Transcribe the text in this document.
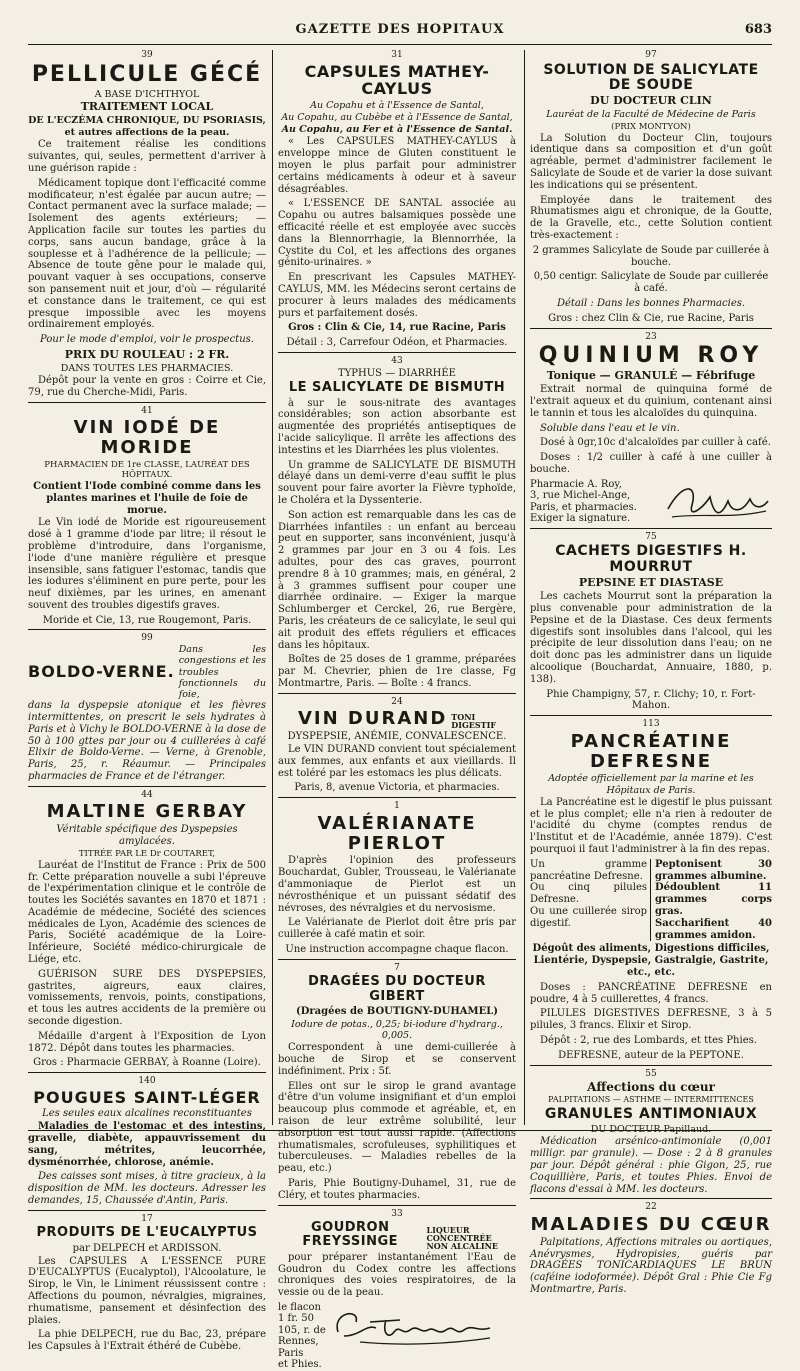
GAZETTE DES HOPITAUX	683

39

PELLICULE GÉCÉ
A BASE D'ICHTHYOL
TRAITEMENT LOCAL
DE L'ECZÉMA CHRONIQUE, DU PSORIASIS,
et autres affections de la peau.

Ce traitement réalise les conditions suivantes, qui, seules, permettent d'arriver à une guérison rapide :

Médicament topique dont l'efficacité comme modificateur, n'est égalée par aucun autre; — Contact permanent avec la surface malade; — Isolement des agents extérieurs; — Application facile sur toutes les parties du corps, sans aucun bandage, grâce à la souplesse et à l'adhérence de la pellicule; — Absence de toute gêne pour le malade qui, pouvant vaquer à ses occupations, conserve son pansement nuit et jour, d'où — régularité et constance dans le traitement, ce qui est presque impossible avec les moyens ordinairement employés.

Pour le mode d'emploi, voir le prospectus.

PRIX DU ROULEAU : 2 FR.
DANS TOUTES LES PHARMACIES.

Dépôt pour la vente en gros : Coirre et Cie, 79, rue du Cherche-Midi, Paris.

41

VIN IODÉ DE MORIDE
PHARMACIEN DE 1re CLASSE, LAURÉAT DES HÔPITAUX.
Contient l'Iode combiné comme dans les plantes marines et l'huile de foie de morue.

Le Vin iodé de Moride est rigoureusement dosé à 1 gramme d'iode par litre; il résout le problème d'introduire, dans l'organisme, l'iode d'une manière régulière et presque insensible, sans fatiguer l'estomac, tandis que les iodures s'éliminent en pure perte, pour les neuf dixièmes, par les urines, en amenant souvent des troubles digestifs graves.

Moride et Cie, 13, rue Rougemont, Paris.

99

BOLDO-VERNE.
Dans les congestions et les troubles fonctionnels du foie,

dans la dyspepsie atonique et les fièvres intermittentes, on prescrit le sels hydrates à Paris et à Vichy le BOLDO-VERNE à la dose de 50 à 100 gttes par jour ou 4 cuillerées à café Elixir de Boldo-Verne. — Verne, à Grenoble, Paris, 25, r. Réaumur. — Principales pharmacies de France et de l'étranger.

44

MALTINE GERBAY
Véritable spécifique des Dyspepsies amylacées.
TITRÉE PAR LE Dr COUTARET,

Lauréat de l'Institut de France : Prix de 500 fr. Cette préparation nouvelle a subi l'épreuve de l'expérimentation clinique et le contrôle de toutes les Sociétés savantes en 1870 et 1871 : Académie de médecine, Société des sciences médicales de Lyon, Académie des sciences de Paris, Société académique de la Loire-Inférieure, Société médico-chirurgicale de Liége, etc.

GUÉRISON SURE DES DYSPEPSIES, gastrites, aigreurs, eaux claires, vomissements, renvois, points, constipations, et tous les autres accidents de la première ou seconde digestion.

Médaille d'argent à l'Exposition de Lyon 1872. Dépôt dans toutes les pharmacies.

Gros : Pharmacie GERBAY, à Roanne (Loire).

140

POUGUES SAINT-LÉGER
Les seules eaux alcalines reconstituantes

Maladies de l'estomac et des intestins, gravelle, diabète, appauvrissement du sang, métrites, leucorrhée, dysménorrhée, chlorose, anémie.

Des caisses sont mises, à titre gracieux, à la disposition de MM. les docteurs. Adresser les demandes, 15, Chaussée d'Antin, Paris.

17

PRODUITS DE L'EUCALYPTUS
par DELPECH et ARDISSON.

Les CAPSULES A L'ESSENCE PURE D'EUCALYPTUS (Eucalyptol), l'Alcoolature, le Sirop, le Vin, le Liniment réussissent contre : Affections du poumon, névralgies, migraines, rhumatisme, pansement et désinfection des plaies.

La phie DELPECH, rue du Bac, 23, prépare les Capsules à l'Extrait éthéré de Cubèbe.

31

CAPSULES MATHEY-CAYLUS
Au Copahu et à l'Essence de Santal,
Au Copahu, au Cubèbe et à l'Essence de Santal,
Au Copahu, au Fer et à l'Essence de Santal.

« Les CAPSULES MATHEY-CAYLUS à enveloppe mince de Gluten constituent le moyen le plus parfait pour administrer certains médicaments à odeur et à saveur désagréables.

« L'ESSENCE DE SANTAL associée au Copahu ou autres balsamiques possède une efficacité réelle et est employée avec succès dans la Blennorrhagie, la Blennorrhée, la Cystite du Col, et les affections des organes génito-urinaires. »

En prescrivant les Capsules MATHEY-CAYLUS, MM. les Médecins seront certains de procurer à leurs malades des médicaments purs et parfaitement dosés.

Gros : Clin & Cie, 14, rue Racine, Paris

Détail : 3, Carrefour Odéon, et Pharmacies.

43

TYPHUS — DIARRHÉE
LE SALICYLATE DE BISMUTH

à sur le sous-nitrate des avantages considérables; son action absorbante est augmentée des propriétés antiseptiques de l'acide salicylique. Il arrête les affections des intestins et les Diarrhées les plus violentes.

Un gramme de SALICYLATE DE BISMUTH délayé dans un demi-verre d'eau suffit le plus souvent pour faire avorter la Fièvre typhoïde, le Choléra et la Dyssenterie.

Son action est remarquable dans les cas de Diarrhées infantiles : un enfant au berceau peut en supporter, sans inconvénient, jusqu'à 2 grammes par jour en 3 ou 4 fois. Les adultes, pour des cas graves, pourront prendre 8 à 10 grammes; mais, en général, 2 à 3 grammes suffisent pour couper une diarrhée ordinaire. — Exiger la marque Schlumberger et Cerckel, 26, rue Bergère, Paris, les créateurs de ce salicylate, le seul qui ait produit des effets réguliers et efficaces dans les hôpitaux.

Boîtes de 25 doses de 1 gramme, préparées par M. Chevrier, phien de 1re classe, Fg Montmartre, Paris. — Boîte : 4 francs.

24

VIN DURAND TONI
DIGESTIF
DYSPEPSIE, ANÉMIE, CONVALESCENCE.

Le VIN DURAND convient tout spécialement aux femmes, aux enfants et aux vieillards. Il est toléré par les estomacs les plus délicats.

Paris, 8, avenue Victoria, et pharmacies.

1

VALÉRIANATE PIERLOT

D'après l'opinion des professeurs Bouchardat, Gubler, Trousseau, le Valérianate d'ammoniaque de Pierlot est un névrosthénique et un puissant sédatif des névroses, des névralgies et du nervosisme.

Le Valérianate de Pierlot doit être pris par cuillerée à café matin et soir.

Une instruction accompagne chaque flacon.

7

DRAGÉES DU DOCTEUR GIBERT
(Dragées de BOUTIGNY-DUHAMEL)
Iodure de potas., 0,25; bi-iodure d'hydrarg., 0,005.

Correspondent à une demi-cuillerée à bouche de Sirop et se conservent indéfiniment. Prix : 5f.

Elles ont sur le sirop le grand avantage d'être d'un volume insignifiant et d'un emploi beaucoup plus commode et agréable, et, en raison de leur extrême solubilité, leur absorption est tout aussi rapide. (Affections rhumatismales, scrofuleuses, syphilitiques et tuberculeuses. — Maladies rebelles de la peau, etc.)

Paris, Phie Boutigny-Duhamel, 31, rue de Cléry, et toutes pharmacies.

33

GOUDRON FREYSSINGE
LIQUEUR CONCENTRÉE
NON ALCALINE

pour préparer instantanément l'Eau de Goudron du Codex contre les affections chroniques des voies respiratoires, de la vessie ou de la peau.

le flacon
1 fr. 50
105, r. de
Rennes,
Paris
et Phies.

97

SOLUTION DE SALICYLATE DE SOUDE
DU DOCTEUR CLIN
Lauréat de la Faculté de Médecine de Paris
(PRIX MONTYON)

La Solution du Docteur Clin, toujours identique dans sa composition et d'un goût agréable, permet d'administrer facilement le Salicylate de Soude et de varier la dose suivant les indications qui se présentent.

Employée dans le traitement des Rhumatismes aigu et chronique, de la Goutte, de la Gravelle, etc., cette Solution contient très-exactement :

2 grammes Salicylate de Soude par cuillerée à bouche.

0,50 centigr. Salicylate de Soude par cuillerée à café.

Détail : Dans les bonnes Pharmacies.

Gros : chez Clin & Cie, rue Racine, Paris

23

QUINIUM ROY
Tonique — GRANULÉ — Fébrifuge

Extrait normal de quinquina formé de l'extrait aqueux et du quinium, contenant ainsi le tannin et tous les alcaloïdes du quinquina.

Soluble dans l'eau et le vin.

Dosé à 0gr,10c d'alcaloïdes par cuiller à café.

Doses : 1/2 cuiller à café à une cuiller à bouche.

Pharmacie A. Roy,
3, rue Michel-Ange,
Paris, et pharmacies.
Exiger la signature.

75

CACHETS DIGESTIFS H. MOURRUT
PEPSINE ET DIASTASE

Les cachets Mourrut sont la préparation la plus convenable pour administration de la Pepsine et de la Diastase. Ces deux ferments digestifs sont insolubles dans l'alcool, qui les précipite de leur dissolution dans l'eau; on ne doit donc pas les administrer dans un liquide alcoolique (Bouchardat, Annuaire, 1880, p. 138).

Phie Champigny, 57, r. Clichy; 10, r. Fort-Mahon.

113

PANCRÉATINE DEFRESNE
Adoptée officiellement par la marine et les Hôpitaux de Paris.

La Pancréatine est le digestif le plus puissant et le plus complet; elle n'a rien à redouter de l'acidité du chyme (comptes rendus de l'Institut et de l'Académie, année 1879). C'est pourquoi il faut l'administrer à la fin des repas.

Un gramme pancréatine Defresne.
Ou cinq pilules Defresne.
Ou une cuillerée sirop digestif.
Peptonisent 30 grammes albumine.
Dédoublent 11 grammes corps gras.
Saccharifient 40 grammes amidon.

Dégoût des aliments, Digestions difficiles, Lientérie, Dyspepsie, Gastralgie, Gastrite, etc., etc.

Doses : PANCRÉATINE DEFRESNE en poudre, 4 à 5 cuillerettes, 4 francs.

PILULES DIGESTIVES DEFRESNE, 3 à 5 pilules, 3 francs. Elixir et Sirop.

Dépôt : 2, rue des Lombards, et ttes Phies.

DEFRESNE, auteur de la PEPTONE.

55

Affections du cœur
PALPITATIONS — ASTHME — INTERMITTENCES
GRANULES ANTIMONIAUX
DU DOCTEUR Papillaud.

Médication arsénico-antimoniale (0,001 milligr. par granule). — Dose : 2 à 8 granules par jour. Dépôt général : phie Gigon, 25, rue Coquillière, Paris, et toutes Phies. Envoi de flacons d'essai à MM. les docteurs.

22

MALADIES DU CŒUR

Palpitations, Affections mitrales ou aortiques, Anévrysmes, Hydropisies, guéris par DRAGÉES TONICARDIAQUES LE BRUN (caféine iodoformée). Dépôt Gral : Phie Cie Fg Montmartre, Paris.
